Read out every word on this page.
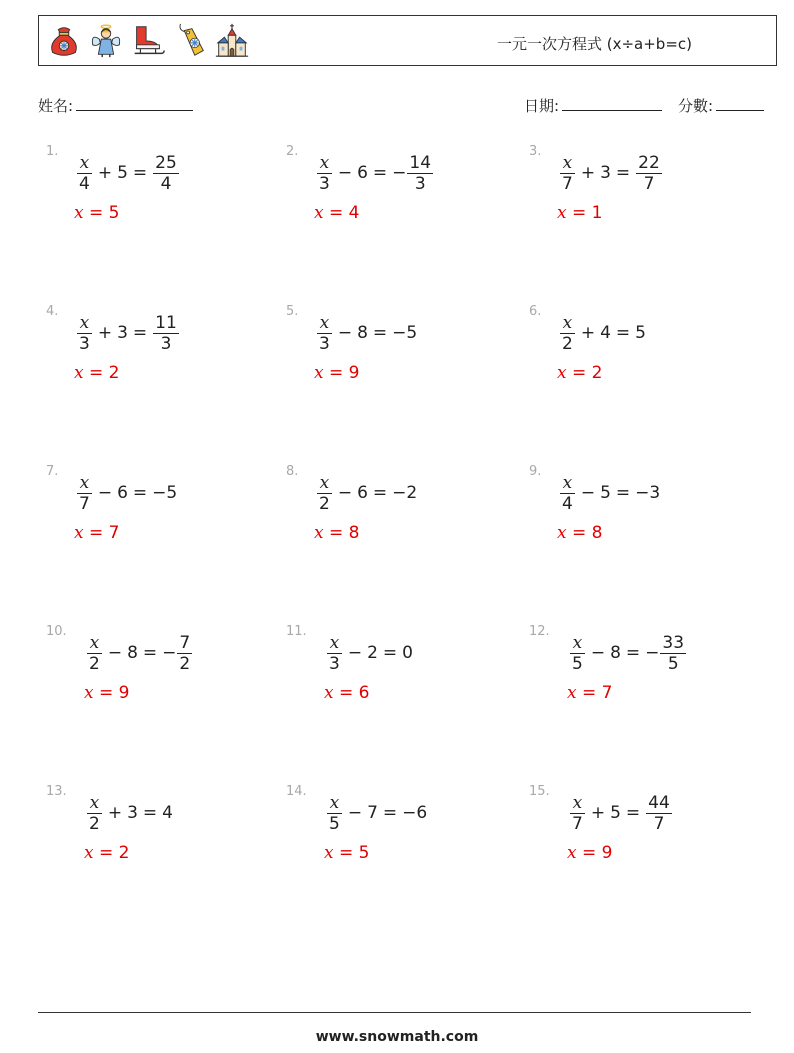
一元一次方程式 (x÷a+b=c)
姓名:	日期:	分數:
1.
$\frac{x}{4} + 5 = \frac{25}{4}$
x = 5
2.
$\frac{x}{3} - 6$ = − $\frac{14}{3}$
x = 4
3.
$\frac{x}{7} + 3 = \frac{22}{7}$
x = 1
4.
$\frac{x}{3} + 3 = \frac{11}{3}$
x = 2
5.
$\frac{x}{3} - 8 = -5$
x = 9
6.
$\frac{x}{2} + 4 = 5$
x = 2
7.
$\frac{x}{7} - 6 = -5$
x = 7
8.
$\frac{x}{2} - 6 = -2$
x = 8
9.
$\frac{x}{4} - 5 = -3$
x = 8
10.
$\frac{x}{2} - 8$ = − $\frac{7}{2}$
x = 9
11.
$\frac{x}{3} - 2 = 0$
x = 6
12.
$\frac{x}{5} - 8$ = − $\frac{33}{5}$
x = 7
13.
$\frac{x}{2} + 3 = 4$
x = 2
14.
$\frac{x}{5} - 7 = -6$
x = 5
15.
$\frac{x}{7} + 5 = \frac{44}{7}$
x = 9
www.snowmath.com
